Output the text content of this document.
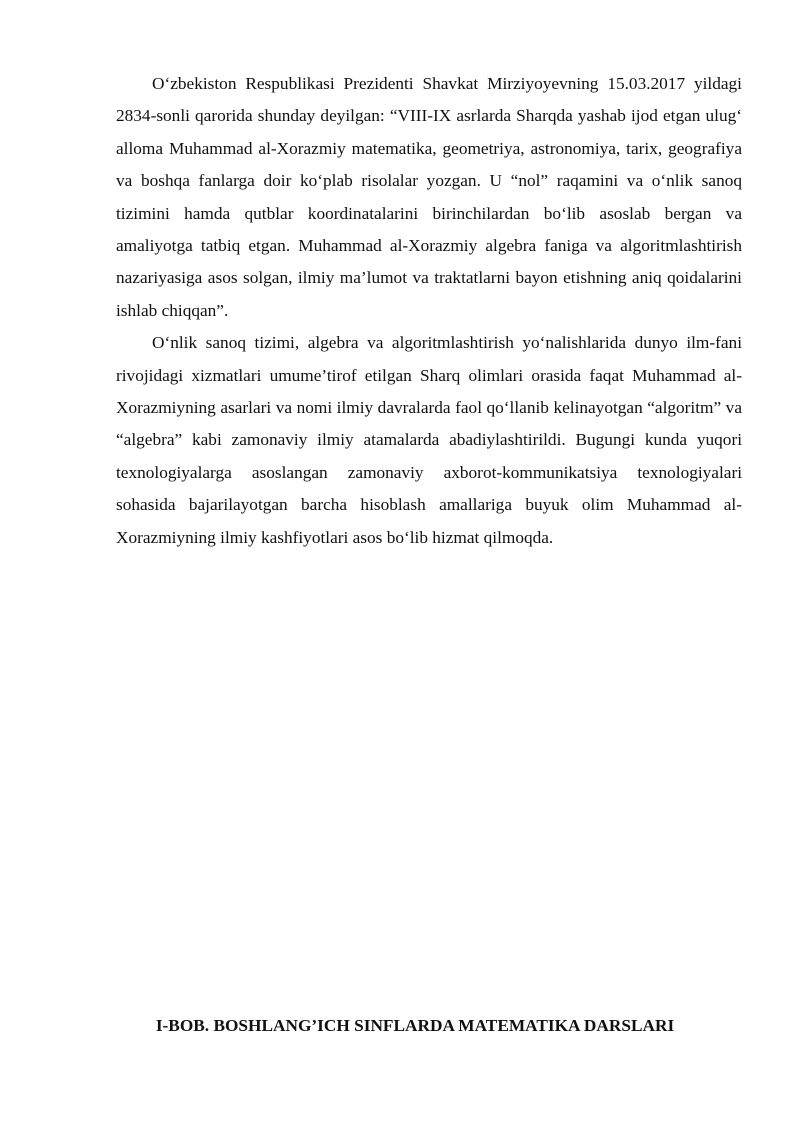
O‘zbekiston Respublikasi Prezidenti Shavkat Mirziyoyevning 15.03.2017 yildagi 2834-sonli qarorida shunday deyilgan: “VIII-IX asrlarda Sharqda yashab ijod etgan ulug‘ alloma Muhammad al-Xorazmiy matematika, geometriya, astronomiya, tarix, geografiya va boshqa fanlarga doir ko‘plab risolalar yozgan. U “nol” raqamini va o‘nlik sanoq tizimini hamda qutblar koordinatalarini birinchilardan bo‘lib asoslab bergan va amaliyotga tatbiq etgan. Muhammad al-Xorazmiy algebra faniga va algoritmlashtirish nazariyasiga asos solgan, ilmiy ma’lumot va traktatlarni bayon etishning aniq qoidalarini ishlab chiqqan”.

O‘nlik sanoq tizimi, algebra va algoritmlashtirish yo‘nalishlarida dunyo ilm-fani rivojidagi xizmatlari umume’tirof etilgan Sharq olimlari orasida faqat Muhammad al-Xorazmiyning asarlari va nomi ilmiy davralarda faol qo‘llanib kelinayotgan “algoritm” va “algebra” kabi zamonaviy ilmiy atamalarda abadiylashtirildi. Bugungi kunda yuqori texnologiyalarga asoslangan zamonaviy axborot-kommunikatsiya texnologiyalari sohasida bajarilayotgan barcha hisoblash amallariga buyuk olim Muhammad al-Xorazmiyning ilmiy kashfiyotlari asos bo‘lib hizmat qilmoqda.

I-BOB. BOSHLANG’ICH SINFLARDA MATEMATIKA DARSLARI
